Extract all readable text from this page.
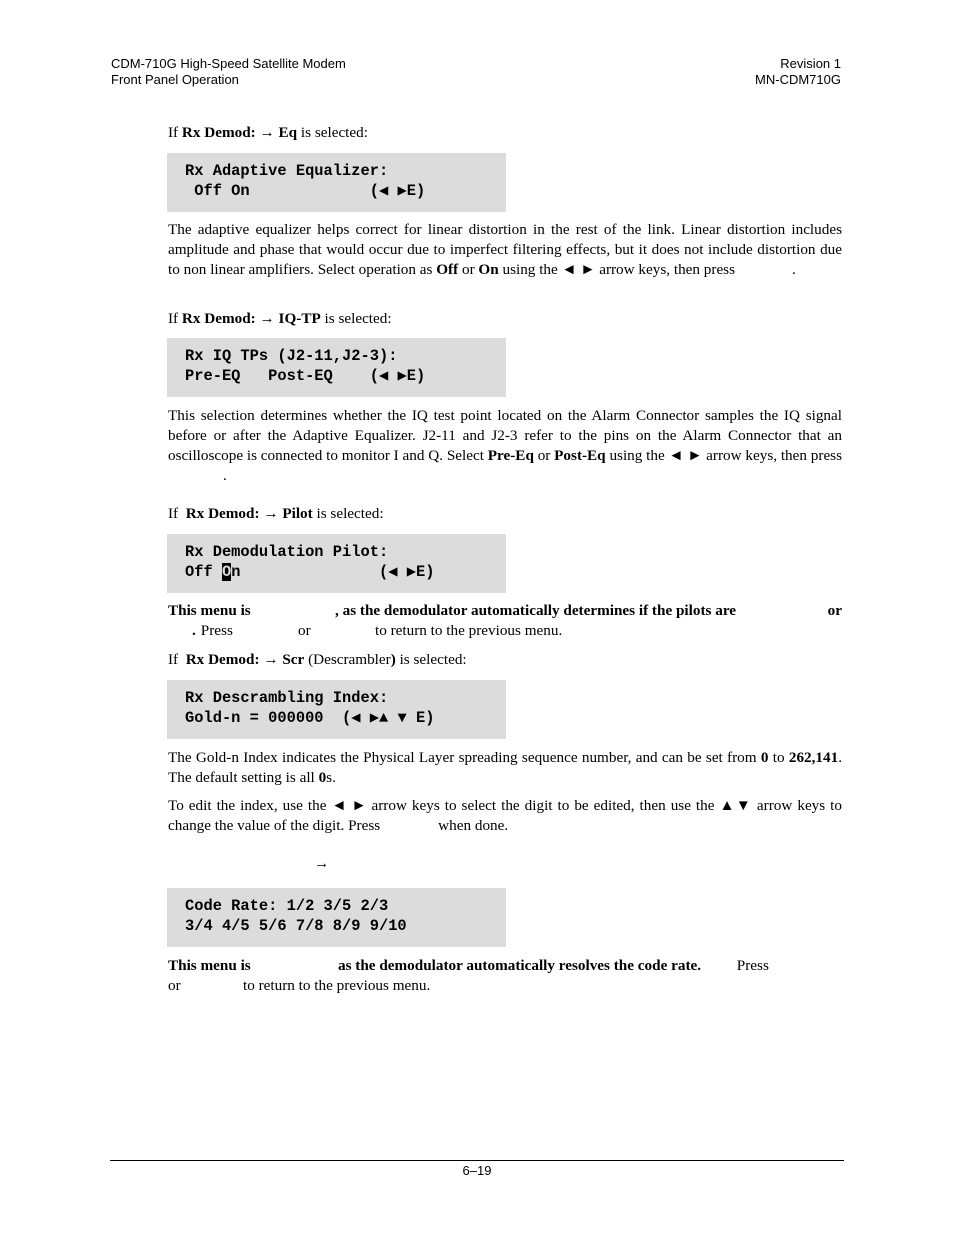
CDM-710G High-Speed Satellite Modem
Front Panel Operation
Revision 1
MN-CDM710G
If Rx Demod: → Eq is selected:
Rx Adaptive Equalizer:
Off On             (◀ ▶E)
The adaptive equalizer helps correct for linear distortion in the rest of the link. Linear distortion includes amplitude and phase that would occur due to imperfect filtering effects, but it does not include distortion due to non linear amplifiers. Select operation as Off or On using the ◄ ► arrow keys, then press	.
If Rx Demod: → IQ-TP is selected:
Rx IQ TPs (J2-11,J2-3):
Pre-EQ   Post-EQ    (◀ ▶E)
This selection determines whether the IQ test point located on the Alarm Connector samples the IQ signal before or after the Adaptive Equalizer. J2-11 and J2-3 refer to the pins on the Alarm Connector that an oscilloscope is connected to monitor I and Q. Select Pre-Eq or Post-Eq using the ◄ ► arrow keys, then press.
If  Rx Demod: → Pilot is selected:
Rx Demodulation Pilot:
Off On               (◀ ▶E)
This menu is	, as the demodulator automatically determines if the pilots are	or
. Press	or	to return to the previous menu.
If  Rx Demod: → Scr (Descrambler) is selected:
Rx Descrambling Index:
Gold-n = 000000  (◀ ▶▲ ▼ E)
The Gold-n Index indicates the Physical Layer spreading sequence number, and can be set from 0 to 262,141. The default setting is all 0s.
To edit the index, use the ◄ ► arrow keys to select the digit to be edited, then use the ▲▼ arrow keys to change the value of the digit. Press	when done.
→
Code Rate: 1/2 3/5 2/3
3/4 4/5 5/6 7/8 8/9 9/10
This menu is	as the demodulator automatically resolves the code rate. Press
or	to return to the previous menu.
6–19
